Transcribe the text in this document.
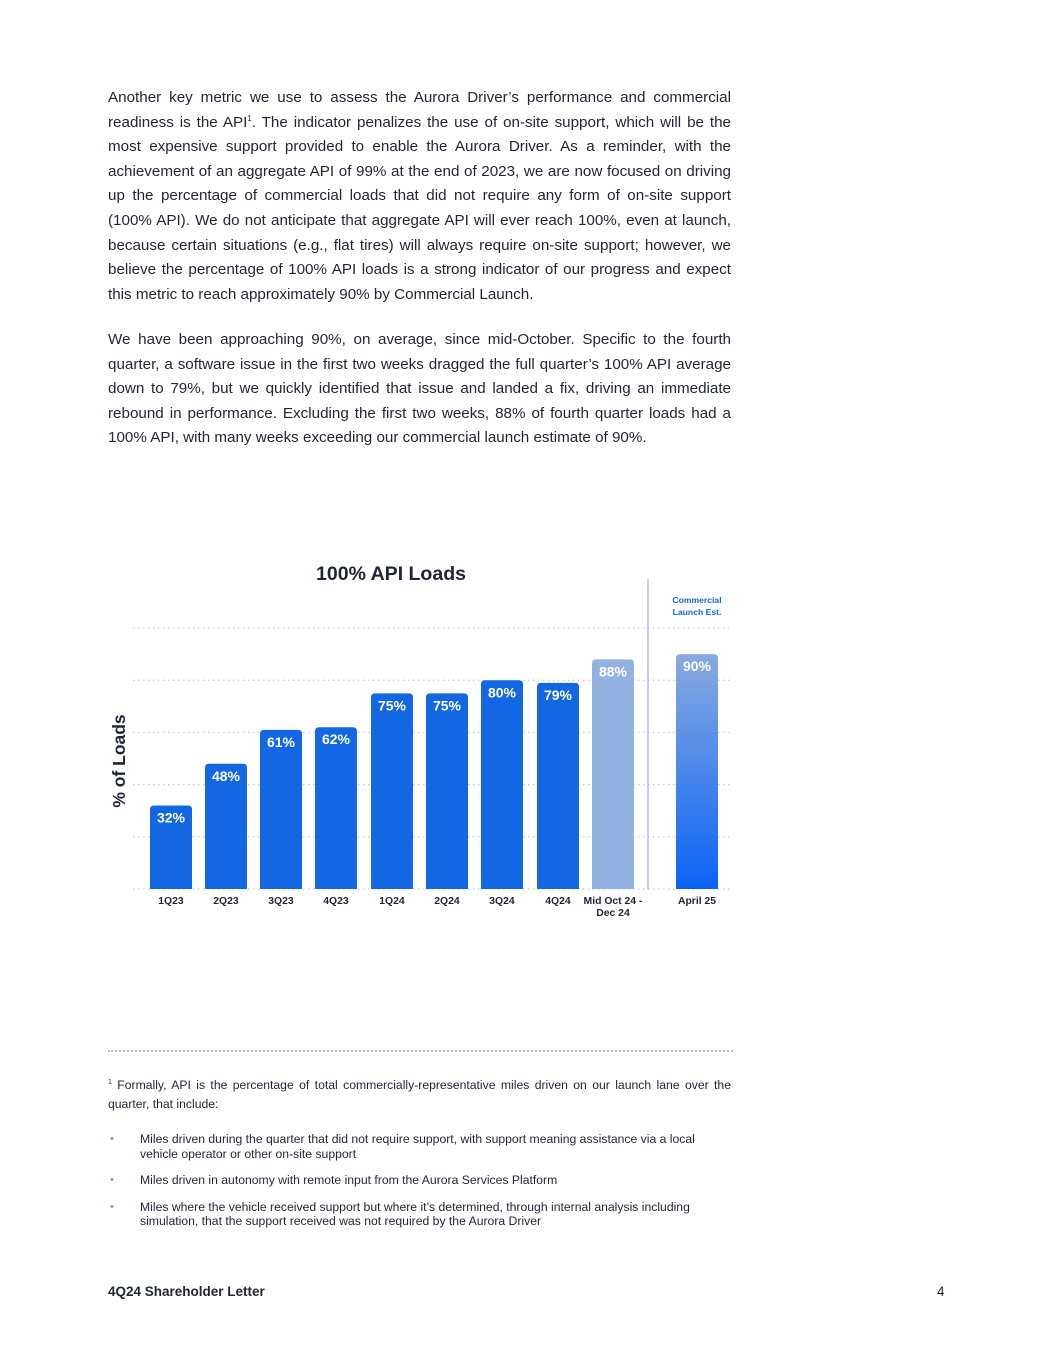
Another key metric we use to assess the Aurora Driver’s performance and commercial readiness is the API$^1$. The indicator penalizes the use of on-site support, which will be the most expensive support provided to enable the Aurora Driver. As a reminder, with the achievement of an aggregate API of 99% at the end of 2023, we are now focused on driving up the percentage of commercial loads that did not require any form of on-site support (100% API). We do not anticipate that aggregate API will ever reach 100%, even at launch, because certain situations (e.g., flat tires) will always require on-site support; however, we believe the percentage of 100% API loads is a strong indicator of our progress and expect this metric to reach approximately 90% by Commercial Launch.

We have been approaching 90%, on average, since mid-October. Specific to the fourth quarter, a software issue in the first two weeks dragged the full quarter’s 100% API average down to 79%, but we quickly identified that issue and landed a fix, driving an immediate rebound in performance. Excluding the first two weeks, 88% of fourth quarter loads had a 100% API, with many weeks exceeding our commercial launch estimate of 90%.

100% API Loads
% of Loads
Commercial
Launch Est.
32%
48%
61% 62%
75% 75%
80% 79%
88%	90%
1Q23	2Q23	3Q23	4Q23	1Q24	2Q24	3Q24	4Q24 Mid Oct 24 -
Dec 24
April 25

$^1$ Formally, API is the percentage of total commercially-representative miles driven on our launch lane over the quarter, that include:

• Miles driven during the quarter that did not require support, with support meaning assistance via a local vehicle operator or other on-site support
• Miles driven in autonomy with remote input from the Aurora Services Platform
• Miles where the vehicle received support but where it’s determined, through internal analysis including simulation, that the support received was not required by the Aurora Driver
4Q24 Shareholder Letter	4
